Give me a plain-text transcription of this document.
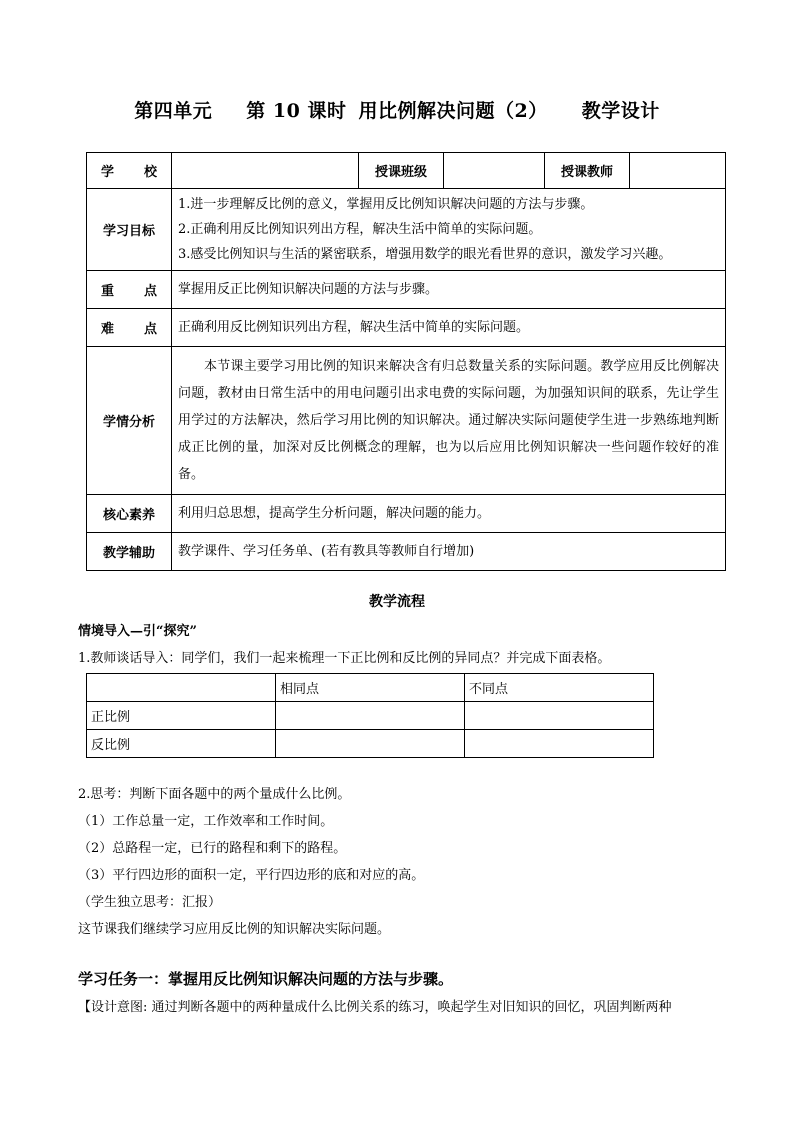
第四单元 第 10 课时 用比例解决问题（2） 教学设计
学 校		授课班级		授课教师	
学习目标	1.进一步理解反比例的意义，掌握用反比例知识解决问题的方法与步骤。
2.正确利用反比例知识列出方程，解决生活中简单的实际问题。
3.感受比例知识与生活的紧密联系，增强用数学的眼光看世界的意识，激发学习兴趣。				

重 点	掌握用反正比例知识解决问题的方法与步骤。				

难 点	正确利用反比例知识列出方程，解决生活中简单的实际问题。				

学情分析	本节课主要学习用比例的知识来解决含有归总数量关系的实际问题。教学应用反比例解决问题，教材由日常生活中的用电问题引出求电费的实际问题，为加强知识间的联系，先让学生用学过的方法解决，然后学习用比例的知识解决。通过解决实际问题使学生进一步熟练地判断成正比例的量，加深对反比例概念的理解，也为以后应用比例知识解决一些问题作较好的准备。				

核心素养	利用归总思想，提高学生分析问题，解决问题的能力。				

教学辅助	教学课件、学习任务单、(若有教具等教师自行增加)				
教学流程
情境导入—引“探究”
1.教师谈话导入：同学们，我们一起来梳理一下正比例和反比例的异同点？并完成下面表格。
	相同点	不同点
正比例		
反比例		
2.思考：判断下面各题中的两个量成什么比例。
（1）工作总量一定，工作效率和工作时间。
（2）总路程一定，已行的路程和剩下的路程。
（3）平行四边形的面积一定，平行四边形的底和对应的高。
（学生独立思考：汇报）
这节课我们继续学习应用反比例的知识解决实际问题。
学习任务一：掌握用反比例知识解决问题的方法与步骤。
【设计意图: 通过判断各题中的两种量成什么比例关系的练习，唤起学生对旧知识的回忆，巩固判断两种
